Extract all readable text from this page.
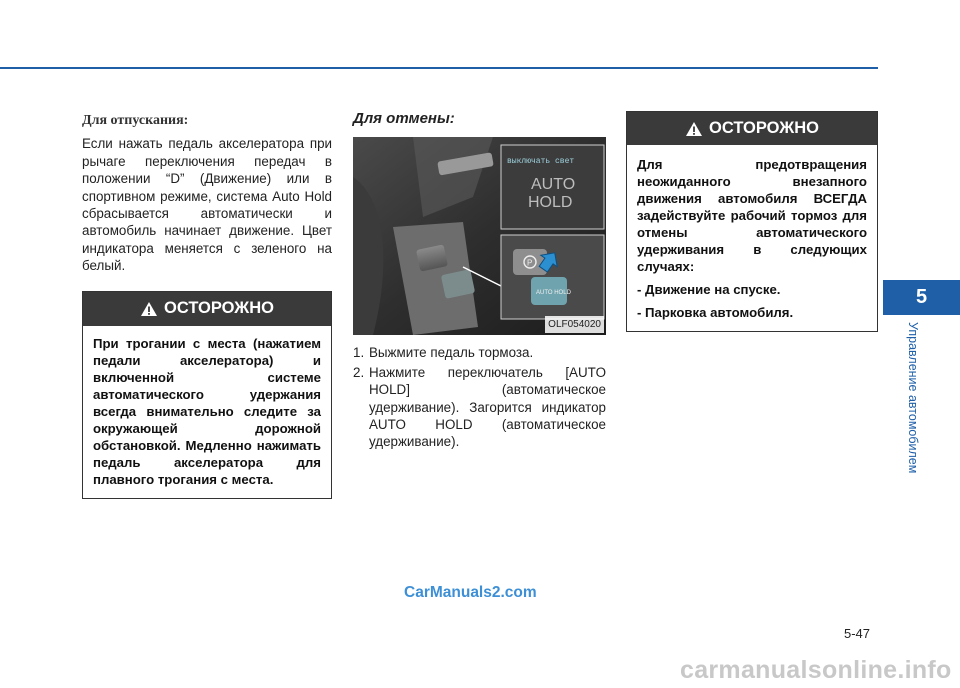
Для отпускания:

Если нажать педаль акселератора при рычаге переключения передач в положении “D” (Движение) или в спортивном режиме, система Auto Hold сбрасывается автоматически и автомобиль начинает движение. Цвет индикатора меняется с зеленого на белый.

ОСТОРОЖНО

При трогании с места (нажатием педали акселератора) и включенной системе автоматического удержания всегда внимательно следите за окружающей дорожной обстановкой. Медленно нажимать педаль акселератора для плавного трогания с места.

Для отмены:
выключать свет
AUTO
HOLD
P
AUTO HOLD
OLF054020
1. Выжмите педаль тормоза.
2. Нажмите переключатель [AUTO HOLD] (автоматическое удерживание). Загорится индикатор AUTO HOLD (автоматическое удерживание).
ОСТОРОЖНО

Для предотвращения неожиданного внезапного движения автомобиля ВСЕГДА задействуйте рабочий тормоз для отмены автоматического удерживания в следующих случаях:

- Движение на спуске.

- Парковка автомобиля.

5
Управление автомобилем
CarManuals2.com
5-47
carmanualsonline.info
